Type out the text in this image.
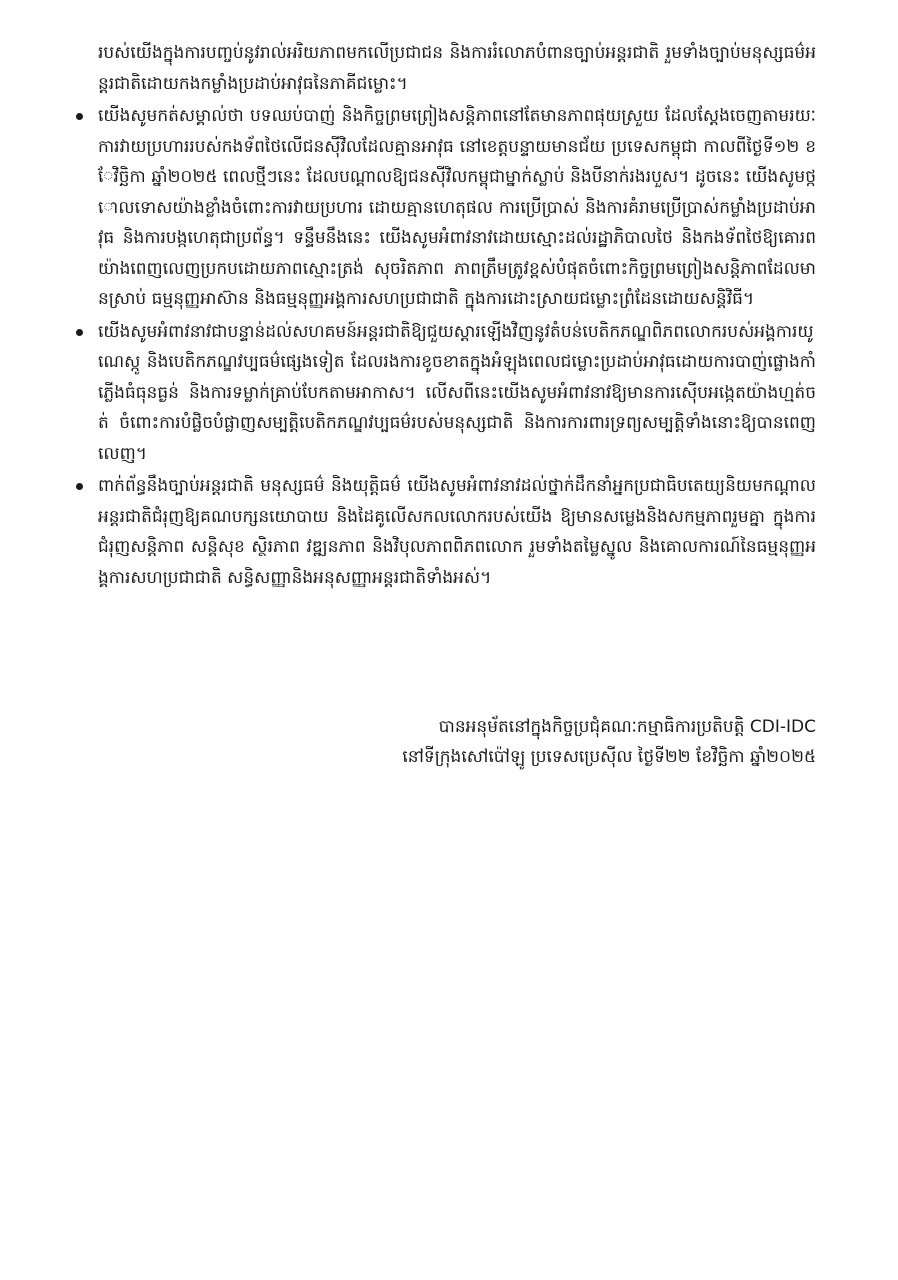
របស់យើងក្នុងការបញ្ចប់នូវរាល់អរិយភាពមកលើប្រជាជន និងការរំលោភបំពានច្បាប់អន្តរជាតិ រួមទាំងច្បាប់មនុស្សធម៌អន្តរជាតិដោយកងកម្លាំងប្រដាប់អាវុធនៃភាគីជម្លោះ។

យើងសូមកត់សម្គាល់ថា បទឈប់បាញ់ និងកិច្ចព្រមព្រៀងសន្តិភាពនៅតែមានភាពផុយស្រួយ ដែលស្តែងចេញតាមរយៈការវាយប្រហាររបស់កងទ័ពថៃលើជនស៊ីវិលដែលគ្មានអាវុធ នៅខេត្តបន្ទាយមានជ័យ ប្រទេសកម្ពុជា កាលពីថ្ងៃទី១២ ខែវិច្ឆិកា ឆ្នាំ២០២៥ ពេលថ្មីៗនេះ ដែលបណ្តាលឱ្យជនស៊ីវិលកម្ពុជាម្នាក់ស្លាប់ និងបីនាក់រងរបួស។ ដូចនេះ យើងសូមថ្កោលទោសយ៉ាងខ្លាំងចំពោះការវាយប្រហារ ដោយគ្មានហេតុផល ការប្រើប្រាស់ និងការគំរាមប្រើប្រាស់កម្លាំងប្រដាប់អាវុធ និងការបង្កហេតុជាប្រព័ន្ធ។ ទន្ទឹមនឹងនេះ យើងសូមអំពាវនាវដោយស្មោះដល់រដ្ឋាភិបាលថៃ និងកងទ័ពថៃឱ្យគោរពយ៉ាងពេញលេញប្រកបដោយភាពស្មោះត្រង់ សុចរិតភាព ភាពត្រឹមត្រូវខ្ពស់បំផុតចំពោះកិច្ចព្រមព្រៀងសន្តិភាពដែលមានស្រាប់ ធម្មនុញ្ញអាស៊ាន និងធម្មនុញ្ញអង្គការសហប្រជាជាតិ ក្នុងការដោះស្រាយជម្លោះព្រំដែនដោយសន្តិវិធី។

យើងសូមអំពាវនាវជាបន្ទាន់ដល់សហគមន៍អន្តរជាតិឱ្យជួយស្តារឡើងវិញនូវតំបន់បេតិកភណ្ឌពិភពលោករបស់អង្គការយូណេស្កូ និងបេតិកភណ្ឌវប្បធម៌ផ្សេងទៀត ដែលរងការខូចខាតក្នុងអំឡុងពេលជម្លោះប្រដាប់អាវុធដោយការបាញ់ផ្លោងកាំភ្លើងធំធុនធ្ងន់ និងការទម្លាក់គ្រាប់បែកតាមអាកាស។ លើសពីនេះយើងសូមអំពាវនាវឱ្យមានការស៊ើបអង្កេតយ៉ាងហ្មត់ចត់ ចំពោះការបំផ្លិចបំផ្លាញសម្បត្តិបេតិកភណ្ឌវប្បធម៌របស់មនុស្សជាតិ និងការការពារទ្រព្យសម្បត្តិទាំងនោះឱ្យបានពេញលេញ។

ពាក់ព័ន្ធនឹងច្បាប់អន្តរជាតិ មនុស្សធម៌ និងយុត្តិធម៌ យើងសូមអំពាវនាវដល់ថ្នាក់ដឹកនាំអ្នកប្រជាធិបតេយ្យនិយមកណ្តាលអន្តរជាតិជំរុញឱ្យគណបក្សនយោបាយ និងដៃគូលើសកលលោករបស់យើង ឱ្យមានសម្លេងនិងសកម្មភាពរួមគ្នា ក្នុងការជំរុញសន្តិភាព សន្តិសុខ ស្ថិរភាព វឌ្ឍនភាព និងវិបុលភាពពិភពលោក រួមទាំងតម្លៃស្នូល និងគោលការណ៍នៃធម្មនុញ្ញអង្គការសហប្រជាជាតិ សន្ធិសញ្ញានិងអនុសញ្ញាអន្តរជាតិទាំងអស់។

បានអនុម័តនៅក្នុងកិច្ចប្រជុំគណៈកម្មាធិការប្រតិបត្តិ CDI-IDC
នៅទីក្រុងសៅប៉ៅឡូ ប្រទេសប្រេស៊ីល ថ្ងៃទី២២ ខែវិច្ឆិកា ឆ្នាំ២០២៥
